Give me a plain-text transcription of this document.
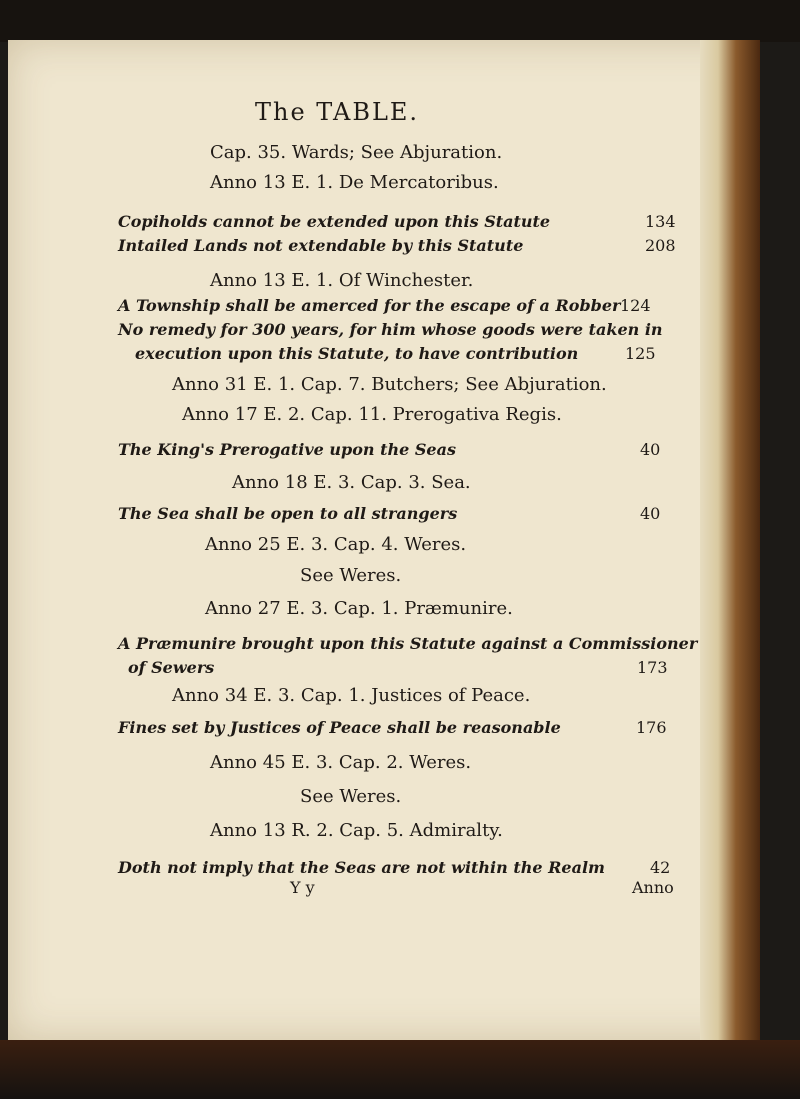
The TABLE.
Cap. 35. Wards; See Abjuration.
Anno 13 E. 1. De Mercatoribus.
Copiholds cannot be extended upon this Statute	134
Intailed Lands not extendable by this Statute	208
Anno 13 E. 1. Of Winchester.
A Township shall be amerced for the escape of a Robber 124
No remedy for 300 years, for him whose goods were taken in
execution upon this Statute, to have contribution	125
Anno 31 E. 1. Cap. 7. Butchers; See Abjuration.
Anno 17 E. 2. Cap. 11. Prerogativa Regis.
The King's Prerogative upon the Seas	40
Anno 18 E. 3. Cap. 3. Sea.
The Sea shall be open to all strangers	40
Anno 25 E. 3. Cap. 4. Weres.
See Weres.
Anno 27 E. 3. Cap. 1. Præmunire.
A Præmunire brought upon this Statute against a Commissioner
of Sewers	173
Anno 34 E. 3. Cap. 1. Justices of Peace.
Fines set by Justices of Peace shall be reasonable	176
Anno 45 E. 3. Cap. 2. Weres.
See Weres.
Anno 13 R. 2. Cap. 5. Admiralty.
Doth not imply that the Seas are not within the Realm	42
Y y	Anno
